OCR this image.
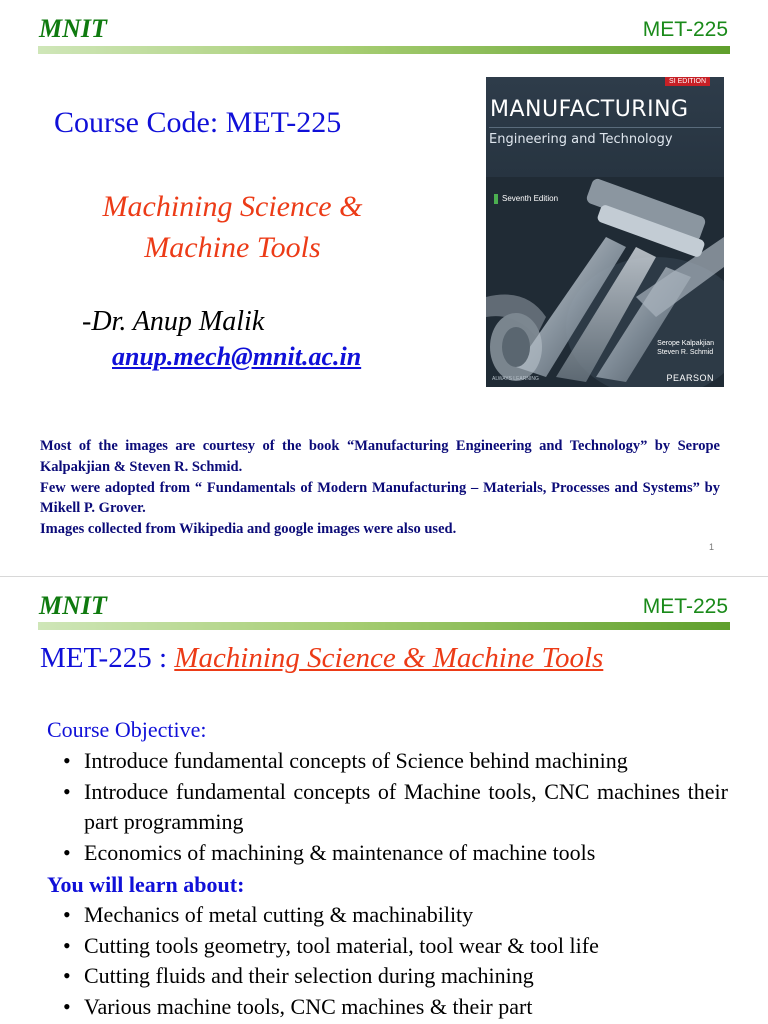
MNIT	MET-225
Course Code: MET-225
Machining Science &
Machine Tools
-Dr. Anup Malik
anup.mech@mnit.ac.in
SI EDITION
MANUFACTURING
Engineering and Technology
Seventh Edition
Serope Kalpakjian
Steven R. Schmid
ALWAYS LEARNING	PEARSON

Most of the images are courtesy of the book “Manufacturing Engineering and Technology” by Serope Kalpakjian & Steven R. Schmid.

Few were adopted from “ Fundamentals of Modern Manufacturing – Materials, Processes and Systems” by Mikell P. Grover.

Images collected from Wikipedia and google images were also used.

1
MNIT	MET-225
MET-225 : Machining Science & Machine Tools
Course Objective:
• Introduce fundamental concepts of Science behind machining
• Introduce fundamental concepts of Machine tools, CNC machines their part programming
• Economics of machining & maintenance of machine tools
You will learn about:
• Mechanics of metal cutting & machinability
• Cutting tools geometry, tool material, tool wear & tool life
• Cutting fluids and their selection during machining
• Various machine tools, CNC machines & their part
